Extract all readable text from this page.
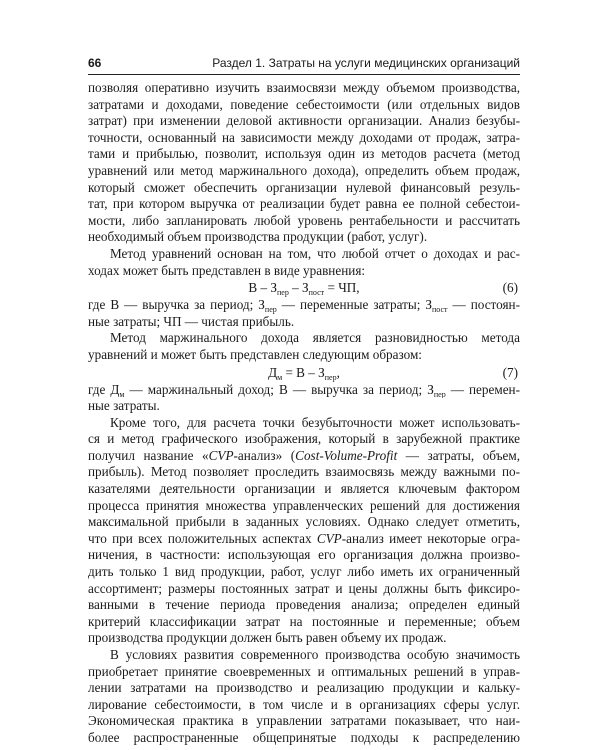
66	Раздел 1. Затраты на услуги медицинских организаций
позволяя оперативно изучить взаимосвязи между объемом производства,
затратами и доходами, поведение себестоимости (или отдельных видов
затрат) при изменении деловой активности организации. Анализ безубы-
точности, основанный на зависимости между доходами от продаж, затра-
тами и прибылью, позволит, используя один из методов расчета (метод
уравнений или метод маржинального дохода), определить объем продаж,
который сможет обеспечить организации нулевой финансовый резуль-
тат, при котором выручка от реализации будет равна ее полной себестои-
мости, либо запланировать любой уровень рентабельности и рассчитать
необходимый объем производства продукции (работ, услуг).
Метод уравнений основан на том, что любой отчет о доходах и рас-
ходах может быть представлен в виде уравнения:
В – $З_{пер} - З_{пост}$ = ЧП,	(6)
где В — выручка за период; $З_{пер}$ — переменные затраты; $З_{пост}$ — постоян-
ные затраты; ЧП — чистая прибыль.
Метод маржинального дохода является разновидностью метода
уравнений и может быть представлен следующим образом:
$Д_м = В - З_{пер}$,	(7)
где $Д_м$ — маржинальный доход; В — выручка за период; $З_{пер}$ — перемен-
ные затраты.
Кроме того, для расчета точки безубыточности может использовать-
ся и метод графического изображения, который в зарубежной практике
получил название «CVP-анализ» (Cost-Volume-Profit — затраты, объем,
прибыль). Метод позволяет проследить взаимосвязь между важными по-
казателями деятельности организации и является ключевым фактором
процесса принятия множества управленческих решений для достижения
максимальной прибыли в заданных условиях. Однако следует отметить,
что при всех положительных аспектах CVP-анализ имеет некоторые огра-
ничения, в частности: использующая его организация должна произво-
дить только 1 вид продукции, работ, услуг либо иметь их ограниченный
ассортимент; размеры постоянных затрат и цены должны быть фиксиро-
ванными в течение периода проведения анализа; определен единый
критерий классификации затрат на постоянные и переменные; объем
производства продукции должен быть равен объему их продаж.
В условиях развития современного производства особую значимость
приобретает принятие своевременных и оптимальных решений в управ-
лении затратами на производство и реализацию продукции и кальку-
лирование себестоимости, в том числе и в организациях сферы услуг.
Экономическая практика в управлении затратами показывает, что наи-
более распространенные общепринятые подходы к распределению
